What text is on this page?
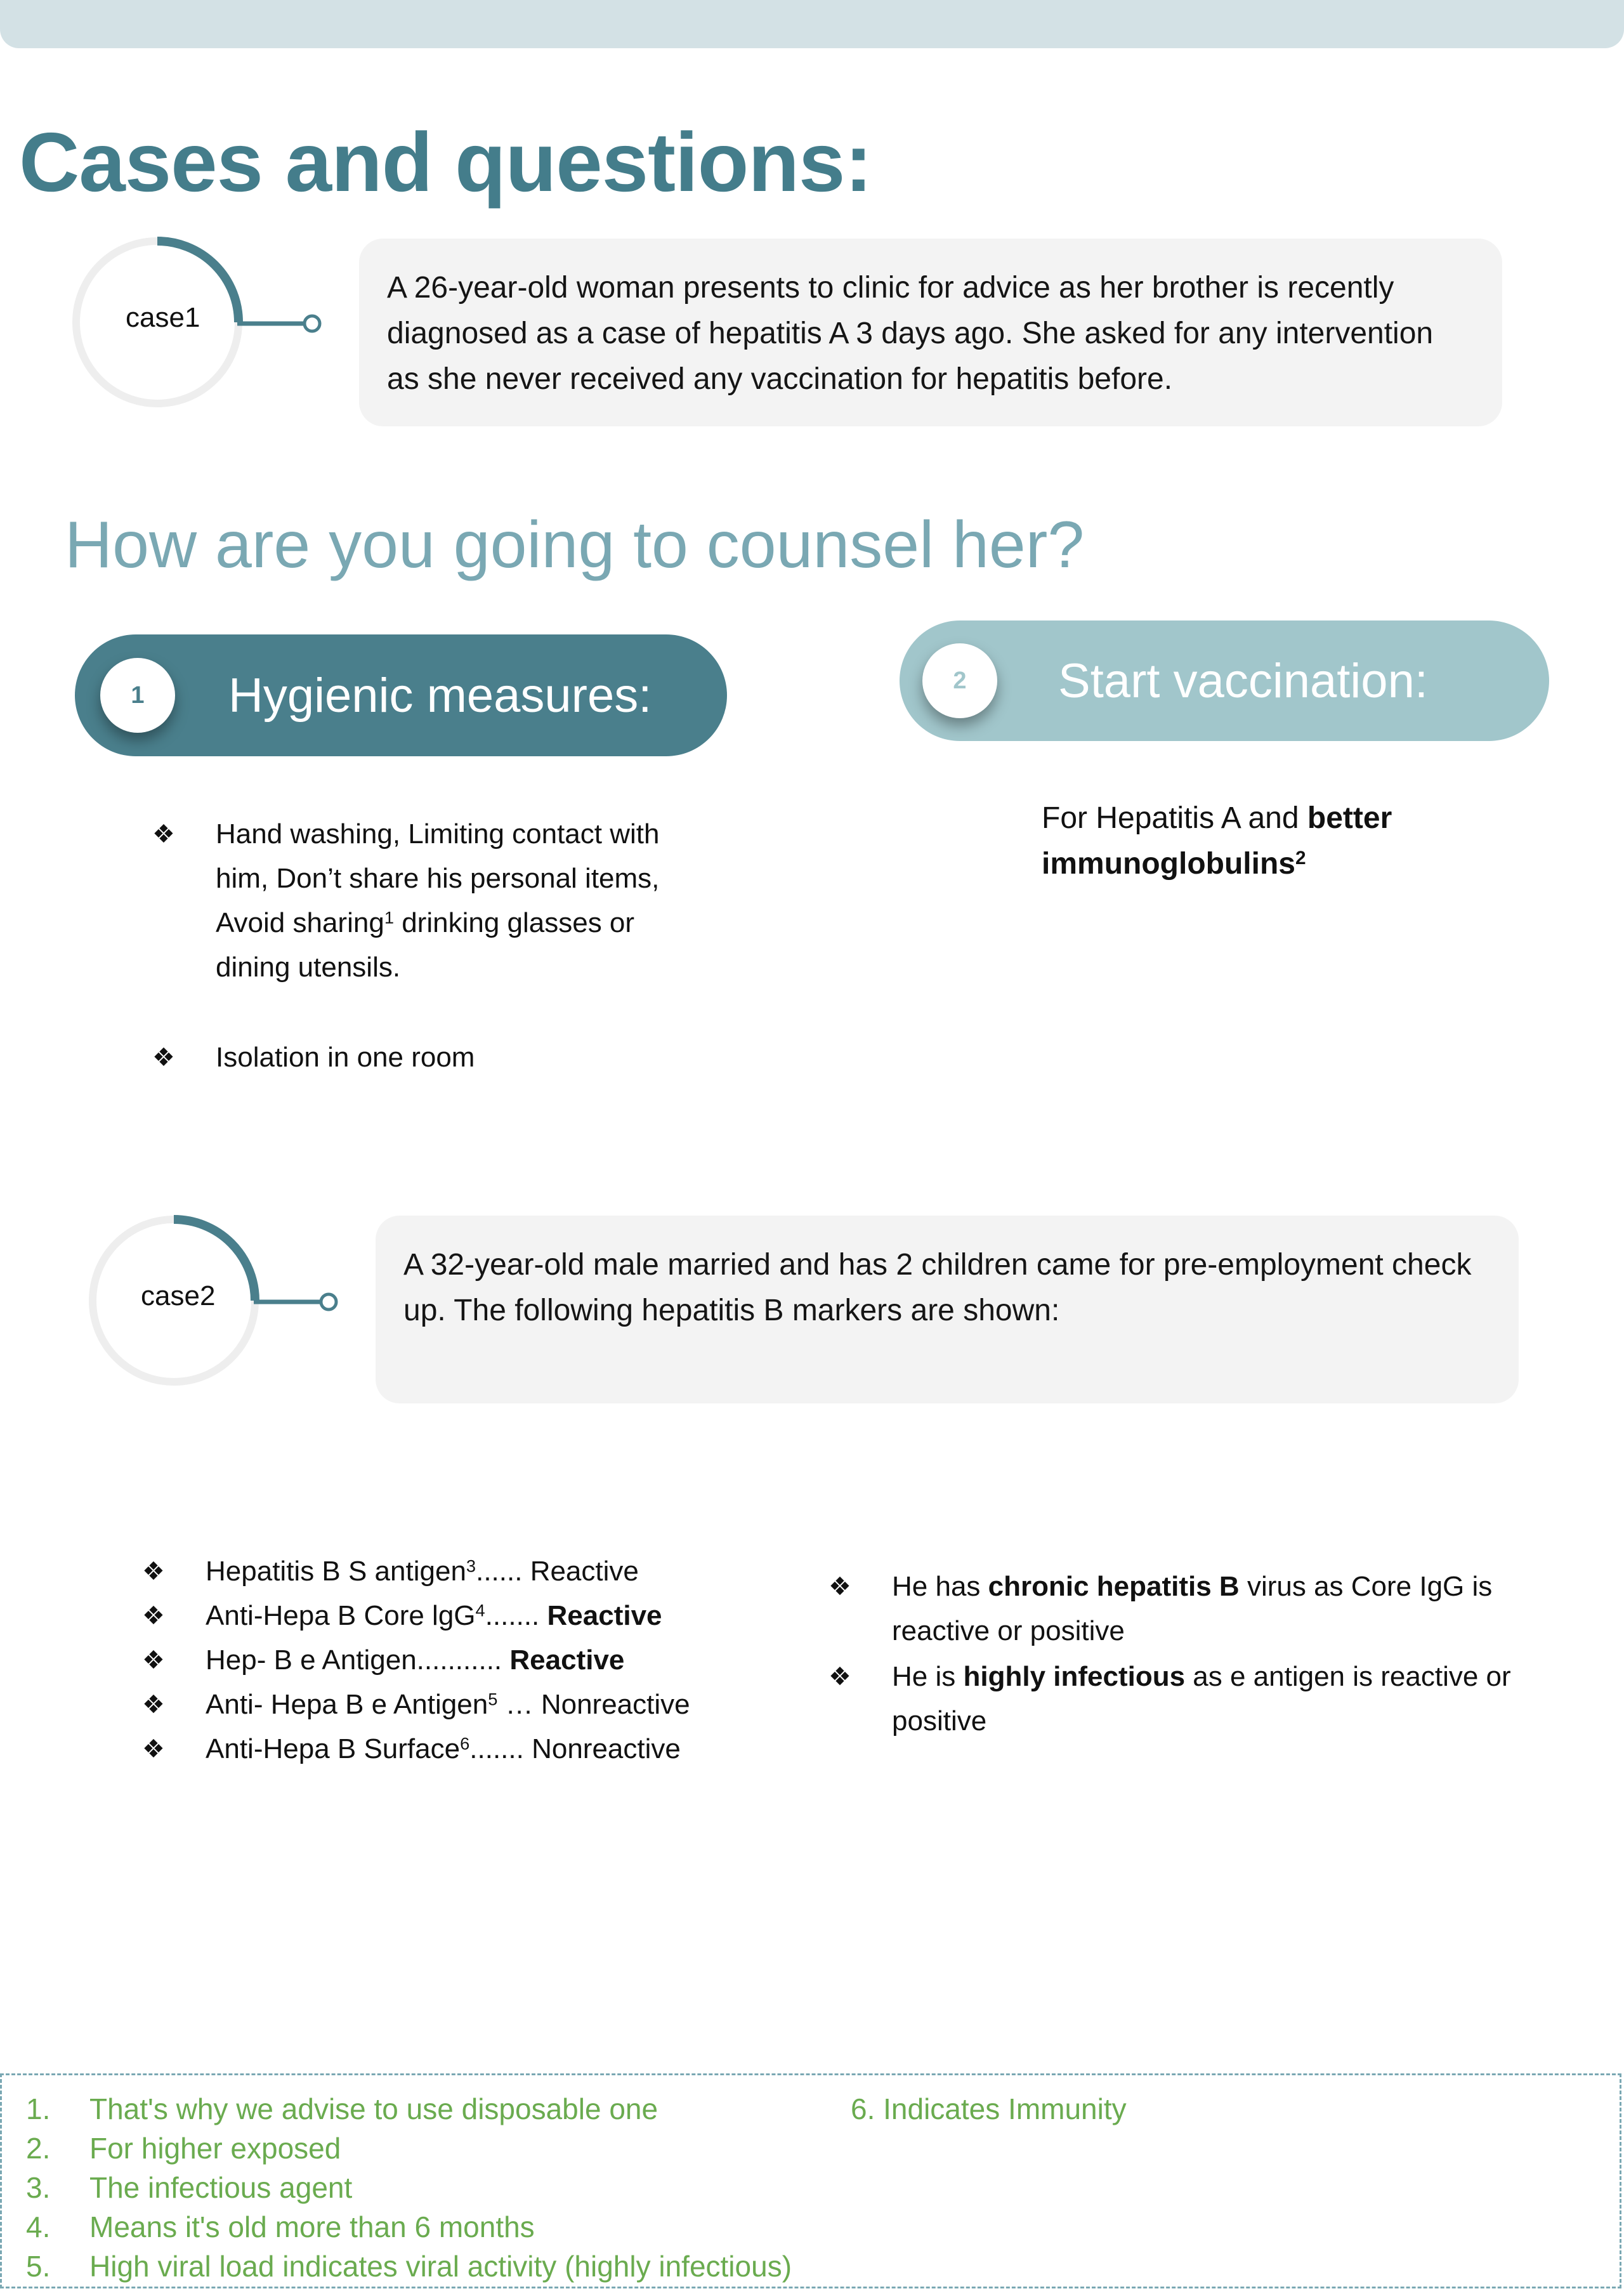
Cases and questions:
case1
A 26-year-old woman presents to clinic for advice as her brother is recently diagnosed as a case of hepatitis A 3 days ago. She asked for any intervention as she never received any vaccination for hepatitis before.
How are you going to counsel her?
1	Hygienic measures:	2	Start vaccination:
❖ Hand washing, Limiting contact with him, Don’t share his personal items, Avoid sharing$^1$ drinking glasses or dining utensils.
❖ Isolation in one room
For Hepatitis A and better immunoglobulins$^2$
case2
A 32-year-old male married and has 2 children came for pre-employment check up. The following hepatitis B markers are shown:
❖ Hepatitis B S antigen$^3$...... Reactive
❖ Anti-Hepa B Core lgG$^4$....... Reactive
❖ Hep- B e Antigen........... Reactive
❖ Anti- Hepa B e Antigen$^5$ … Nonreactive
❖ Anti-Hepa B Surface$^6$....... Nonreactive
❖ He has chronic hepatitis B virus as Core IgG is reactive or positive
❖ He is highly infectious as e antigen is reactive or positive
1. That's why we advise to use disposable one
2. For higher exposed
3. The infectious agent
4. Means it's old more than 6 months
5. High viral load indicates viral activity (highly infectious)
6. Indicates Immunity
